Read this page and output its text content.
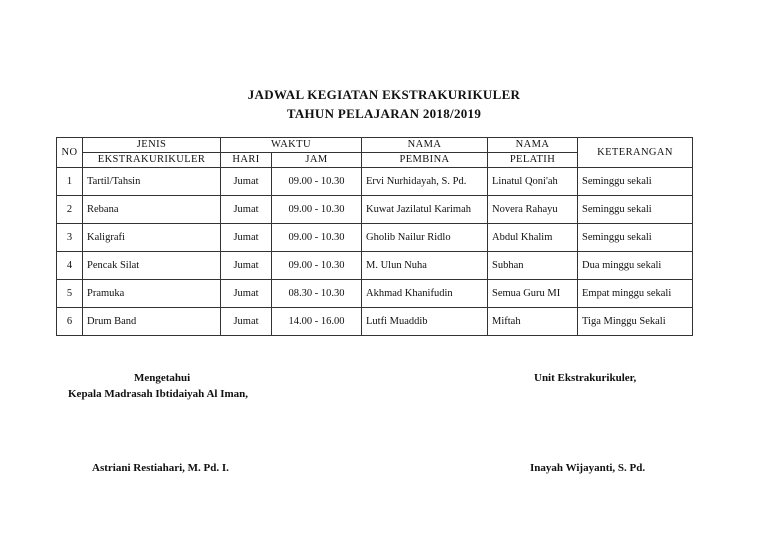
JADWAL KEGIATAN EKSTRAKURIKULER
TAHUN PELAJARAN 2018/2019
NO	JENIS	WAKTU		NAMA	NAMA	KETERANGAN
	EKSTRAKURIKULER	HARI	JAM	PEMBINA	PELATIH	
1	Tartil/Tahsin	Jumat	09.00 - 10.30	Ervi Nurhidayah, S. Pd.	Linatul Qoni'ah	Seminggu sekali
2	Rebana	Jumat	09.00 - 10.30	Kuwat Jazilatul Karimah	Novera Rahayu	Seminggu sekali
3	Kaligrafi	Jumat	09.00 - 10.30	Gholib Nailur Ridlo	Abdul Khalim	Seminggu sekali
4	Pencak Silat	Jumat	09.00 - 10.30	M. Ulun Nuha	Subhan	Dua minggu sekali
5	Pramuka	Jumat	08.30 - 10.30	Akhmad Khanifudin	Semua Guru MI	Empat minggu sekali
6	Drum Band	Jumat	14.00 - 16.00	Lutfi Muaddib	Miftah	Tiga Minggu Sekali
Mengetahui
Kepala Madrasah Ibtidaiyah Al Iman,
Unit Ekstrakurikuler,
Astriani Restiahari, M. Pd. I.	Inayah Wijayanti, S. Pd.
